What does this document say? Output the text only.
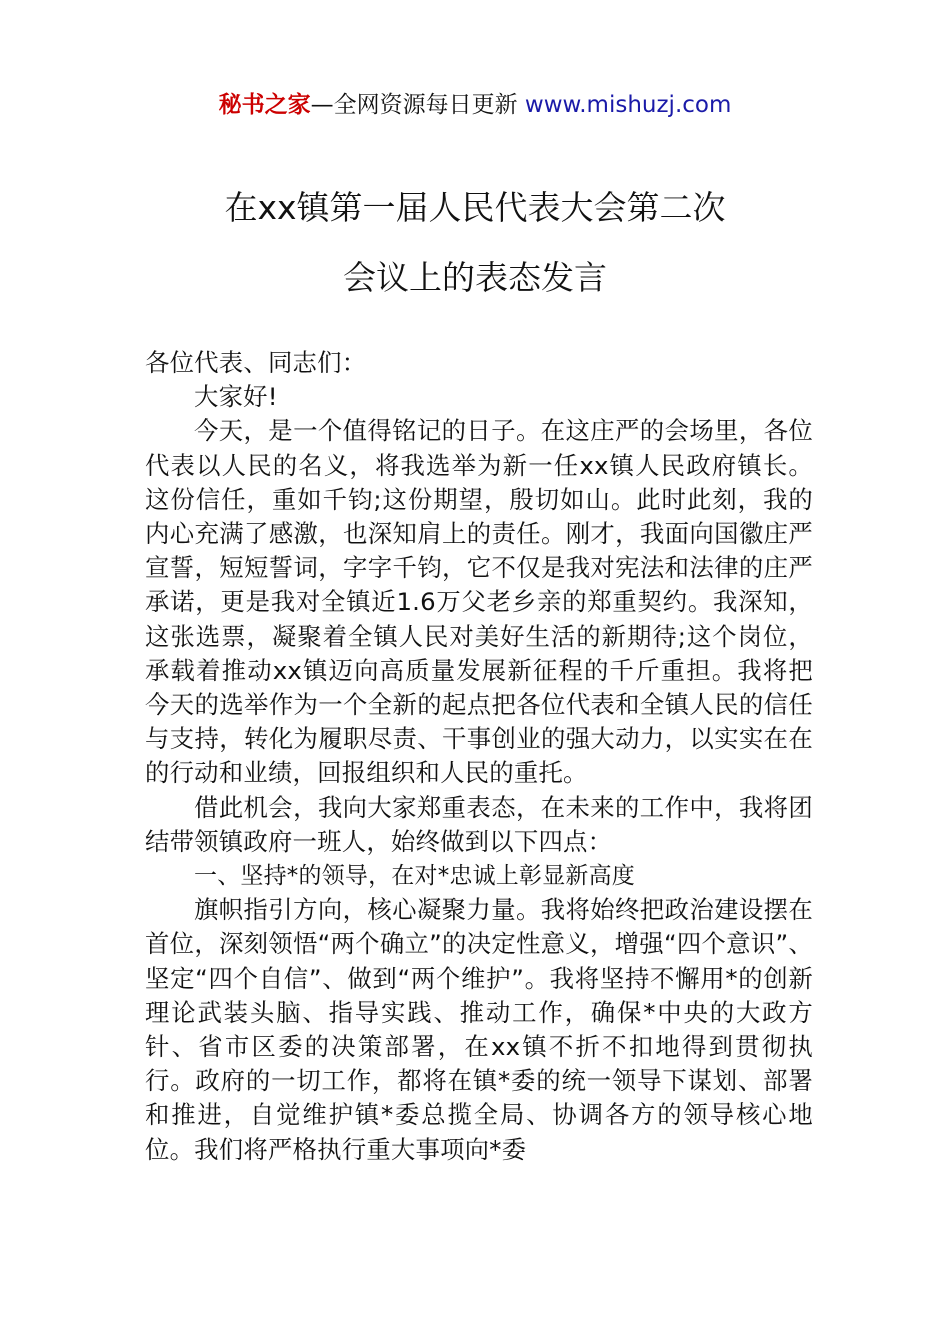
秘书之家—全网资源每日更新 www.mishuzj.com
在xx镇第一届人民代表大会第二次
会议上的表态发言

各位代表、同志们：

大家好!

今天，是一个值得铭记的日子。在这庄严的会场里，各位代表以人民的名义，将我选举为新一任xx镇人民政府镇长。这份信任，重如千钧;这份期望，殷切如山。此时此刻，我的内心充满了感激，也深知肩上的责任。刚才，我面向国徽庄严宣誓，短短誓词，字字千钧，它不仅是我对宪法和法律的庄严承诺，更是我对全镇近1.6万父老乡亲的郑重契约。我深知，这张选票，凝聚着全镇人民对美好生活的新期待;这个岗位，承载着推动xx镇迈向高质量发展新征程的千斤重担。我将把今天的选举作为一个全新的起点把各位代表和全镇人民的信任与支持，转化为履职尽责、干事创业的强大动力，以实实在在的行动和业绩，回报组织和人民的重托。

借此机会，我向大家郑重表态，在未来的工作中，我将团结带领镇政府一班人，始终做到以下四点：

一、坚持*的领导，在对*忠诚上彰显新高度

旗帜指引方向，核心凝聚力量。我将始终把政治建设摆在首位，深刻领悟“两个确立”的决定性意义，增强“四个意识”、坚定“四个自信”、做到“两个维护”。我将坚持不懈用*的创新理论武装头脑、指导实践、推动工作，确保*中央的大政方针、省市区委的决策部署，在xx镇不折不扣地得到贯彻执行。政府的一切工作，都将在镇*委的统一领导下谋划、部署和推进，自觉维护镇*委总揽全局、协调各方的领导核心地位。我们将严格执行重大事项向*委
